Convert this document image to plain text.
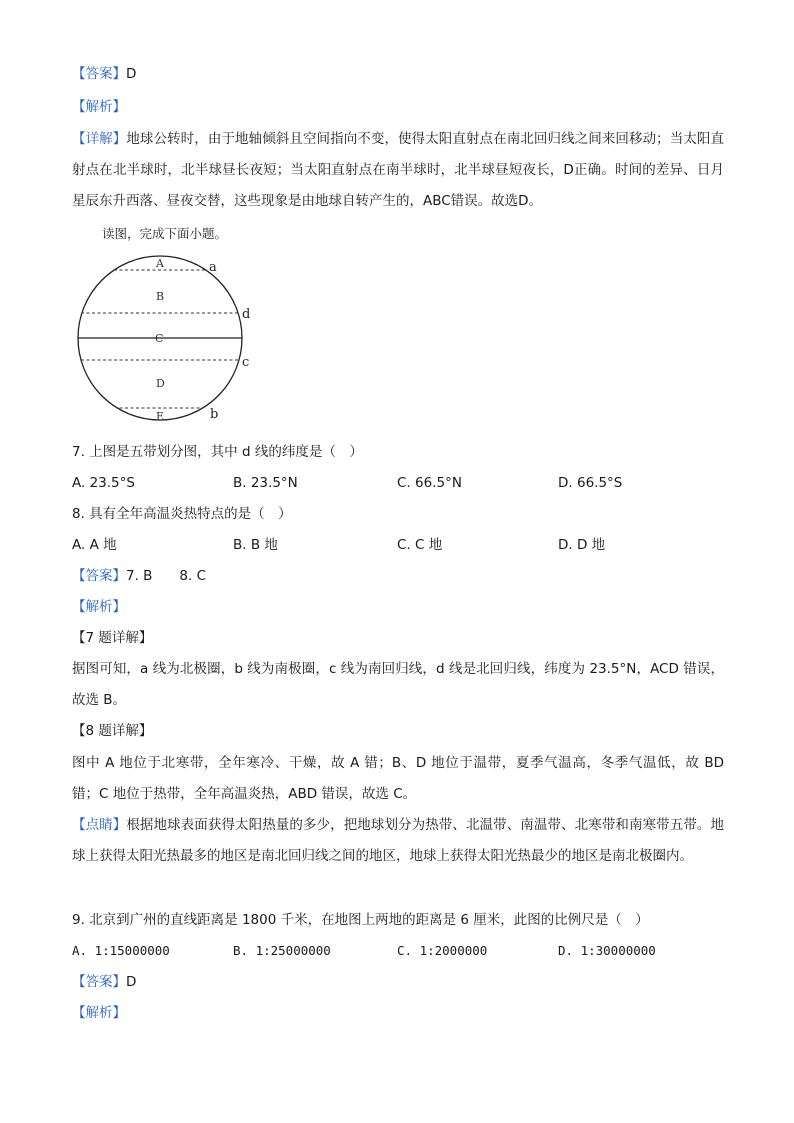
【答案】D
【解析】
【详解】地球公转时，由于地轴倾斜且空间指向不变，使得太阳直射点在南北回归线之间来回移动；当太阳直射点在北半球时，北半球昼长夜短；当太阳直射点在南半球时，北半球昼短夜长，D正确。时间的差异、日月星辰东升西落、昼夜交替，这些现象是由地球自转产生的，ABC错误。故选D。
读图，完成下面小题。
A
B
C
D
E
a
d
c
b
7. 上图是五带划分图，其中 d 线的纬度是（　）
A. 23.5°S	B. 23.5°N	C. 66.5°N	D. 66.5°S
8. 具有全年高温炎热特点的是（　）
A. A 地	B. B 地	C. C 地	D. D 地
【答案】7. B　　8. C
【解析】
【7 题详解】
据图可知，a 线为北极圈，b 线为南极圈，c 线为南回归线，d 线是北回归线，纬度为 23.5°N，ACD 错误，故选 B。
【8 题详解】
图中 A 地位于北寒带，全年寒冷、干燥，故 A 错；B、D 地位于温带，夏季气温高，冬季气温低，故 BD 错；C 地位于热带，全年高温炎热，ABD 错误，故选 C。
【点睛】根据地球表面获得太阳热量的多少，把地球划分为热带、北温带、南温带、北寒带和南寒带五带。地球上获得太阳光热最多的地区是南北回归线之间的地区，地球上获得太阳光热最少的地区是南北极圈内。
9. 北京到广州的直线距离是 1800 千米，在地图上两地的距离是 6 厘米，此图的比例尺是（　）
A. 1:15000000	B. 1:25000000	C. 1:2000000	D. 1:30000000
【答案】D
【解析】
